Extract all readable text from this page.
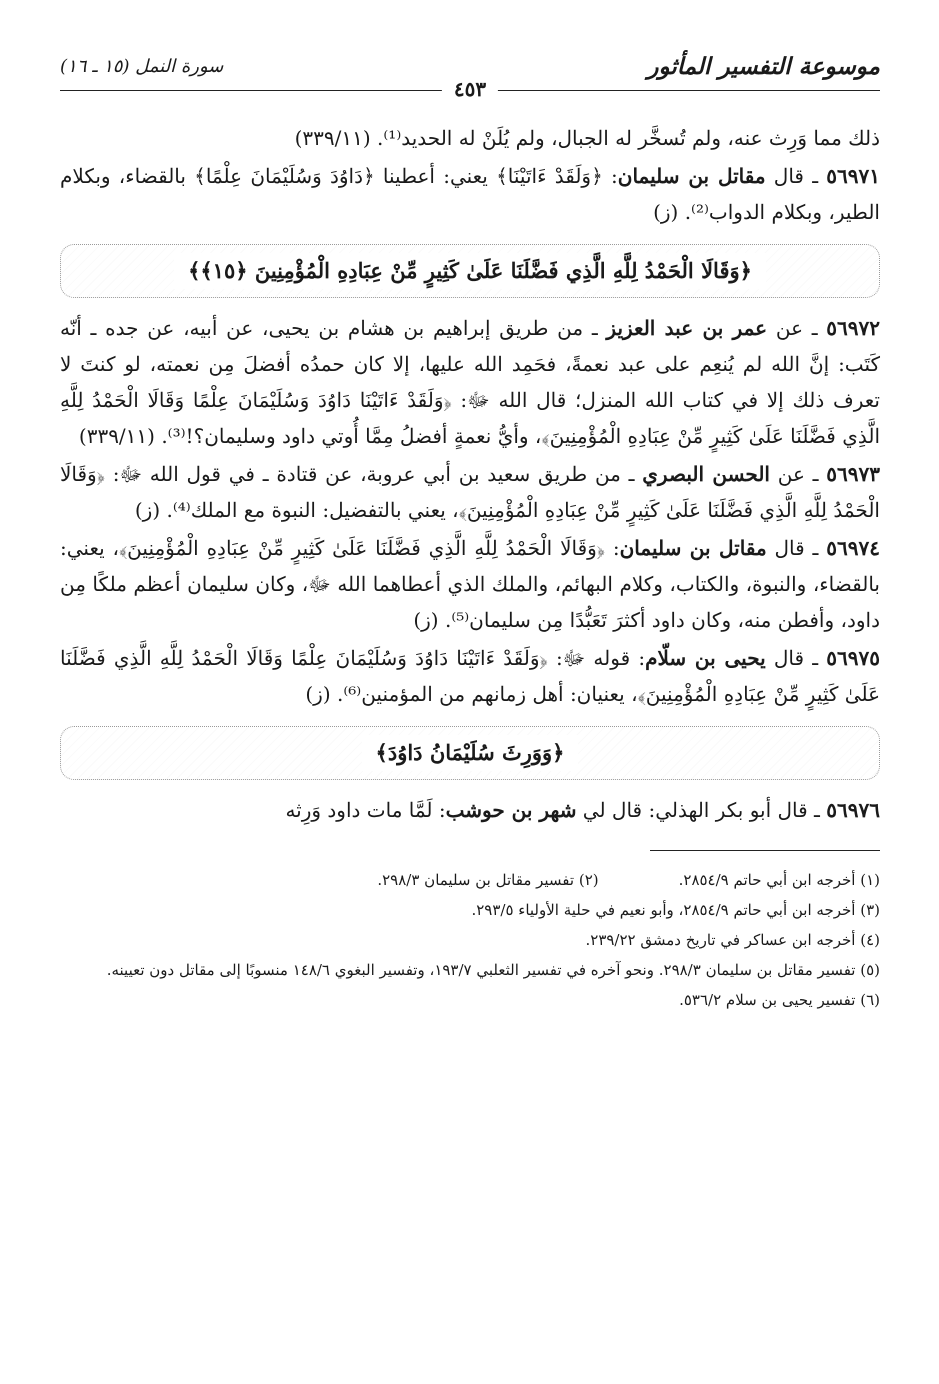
موسوعة التفسير المأثور
سورة النمل (١٥ ـ ١٦)
٤٥٣

ذلك مما وَرِث عنه، ولم تُسخَّر له الجبال، ولم يُلَنْ له الحديد⁽¹⁾. (٣٣٩/١١)

٥٦٩٧١ ـ قال مقاتل بن سليمان: ﴿وَلَقَدْ ءَاتَيْنَا﴾ يعني: أعطينا ﴿دَاوُدَ وَسُلَيْمَانَ عِلْمًا﴾ بالقضاء، وبكلام الطير، وبكلام الدواب⁽²⁾. (ز)

﴿وَقَالَا الْحَمْدُ لِلَّهِ الَّذِي فَضَّلَنَا عَلَىٰ كَثِيرٍ مِّنْ عِبَادِهِ الْمُؤْمِنِينَ ﴿١٥﴾﴾

٥٦٩٧٢ ـ عن عمر بن عبد العزيز ـ من طريق إبراهيم بن هشام بن يحيى، عن أبيه، عن جده ـ أنّه كَتَب: إنَّ الله لم يُنعِم على عبد نعمةً، فحَمِد الله عليها، إلا كان حمدُه أفضلَ مِن نعمته، لو كنتَ لا تعرف ذلك إلا في كتاب الله المنزل؛ قال الله ﷻ: ﴿وَلَقَدْ ءَاتَيْنَا دَاوُدَ وَسُلَيْمَانَ عِلْمًا وَقَالَا الْحَمْدُ لِلَّهِ الَّذِي فَضَّلَنَا عَلَىٰ كَثِيرٍ مِّنْ عِبَادِهِ الْمُؤْمِنِينَ﴾، وأيُّ نعمةٍ أفضلُ مِمَّا أُوتي داود وسليمان؟!⁽³⁾. (٣٣٩/١١)

٥٦٩٧٣ ـ عن الحسن البصري ـ من طريق سعيد بن أبي عروبة، عن قتادة ـ في قول الله ﷻ: ﴿وَقَالَا الْحَمْدُ لِلَّهِ الَّذِي فَضَّلَنَا عَلَىٰ كَثِيرٍ مِّنْ عِبَادِهِ الْمُؤْمِنِينَ﴾، يعني بالتفضيل: النبوة مع الملك⁽⁴⁾. (ز)

٥٦٩٧٤ ـ قال مقاتل بن سليمان: ﴿وَقَالَا الْحَمْدُ لِلَّهِ الَّذِي فَضَّلَنَا عَلَىٰ كَثِيرٍ مِّنْ عِبَادِهِ الْمُؤْمِنِينَ﴾، يعني: بالقضاء، والنبوة، والكتاب، وكلام البهائم، والملك الذي أعطاهما الله ﷻ، وكان سليمان أعظم ملكًا مِن داود، وأفطن منه، وكان داود أكثرَ تَعَبُّدًا مِن سليمان⁽⁵⁾. (ز)

٥٦٩٧٥ ـ قال يحيى بن سلّام: قوله ﷻ: ﴿وَلَقَدْ ءَاتَيْنَا دَاوُدَ وَسُلَيْمَانَ عِلْمًا وَقَالَا الْحَمْدُ لِلَّهِ الَّذِي فَضَّلَنَا عَلَىٰ كَثِيرٍ مِّنْ عِبَادِهِ الْمُؤْمِنِينَ﴾، يعنيان: أهل زمانهم من المؤمنين⁽⁶⁾. (ز)

﴿وَوَرِثَ سُلَيْمَانُ دَاوُدَ﴾

٥٦٩٧٦ ـ قال أبو بكر الهذلي: قال لي شهر بن حوشب: لَمَّا مات داود وَرِثه

(١) أخرجه ابن أبي حاتم ٢٨٥٤/٩.
(٢) تفسير مقاتل بن سليمان ٢٩٨/٣.
(٣) أخرجه ابن أبي حاتم ٢٨٥٤/٩، وأبو نعيم في حلية الأولياء ٢٩٣/٥.
(٤) أخرجه ابن عساكر في تاريخ دمشق ٢٣٩/٢٢.
(٥) تفسير مقاتل بن سليمان ٢٩٨/٣. ونحو آخره في تفسير الثعلبي ١٩٣/٧، وتفسير البغوي ١٤٨/٦ منسوبًا إلى مقاتل دون تعيينه.
(٦) تفسير يحيى بن سلام ٥٣٦/٢.
